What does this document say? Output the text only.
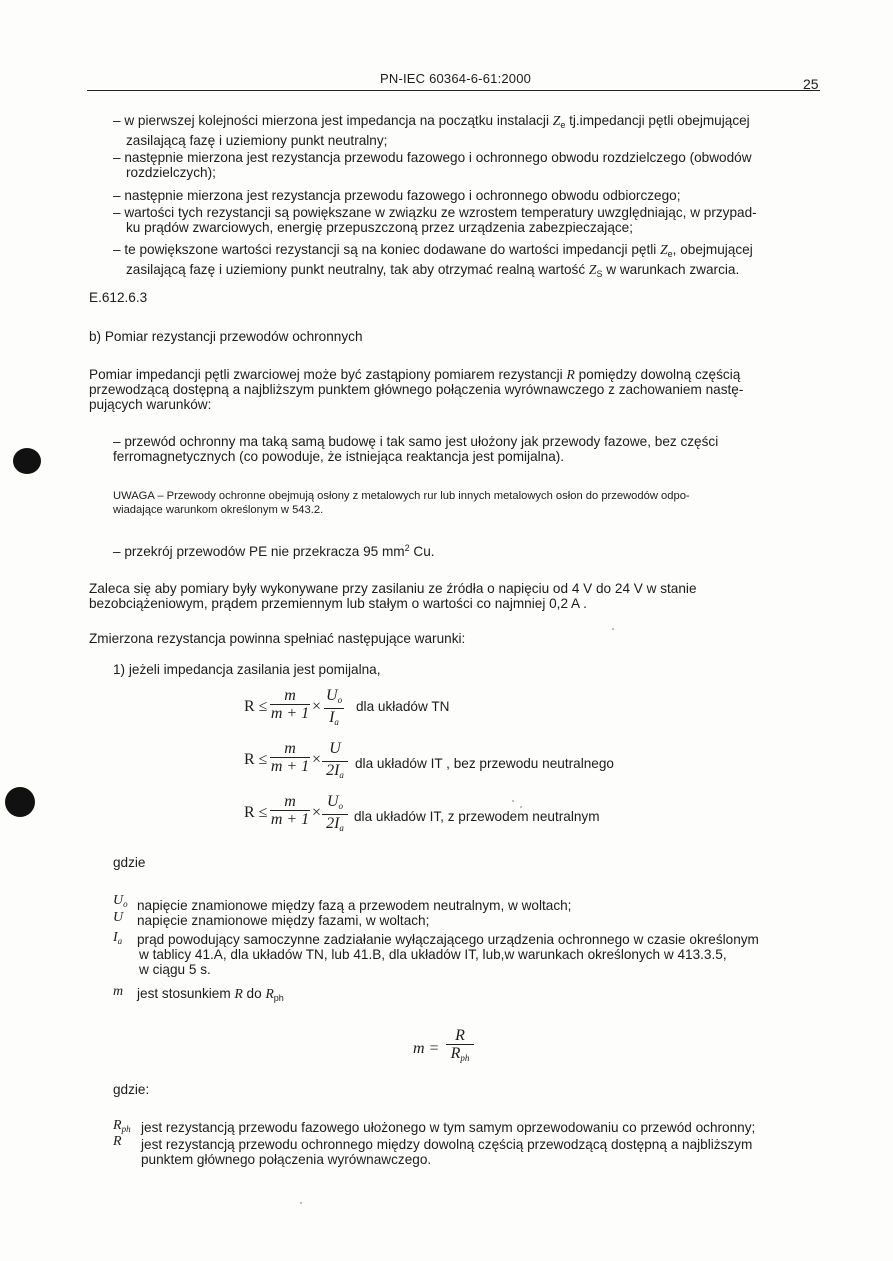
PN-IEC 60364-6-61:2000	25
– w pierwszej kolejności mierzona jest impedancja na początku instalacji $Z_e$ tj.impedancji pętli obejmującej
zasilającą fazę i uziemiony punkt neutralny;
– następnie mierzona jest rezystancja przewodu fazowego i ochronnego obwodu rozdzielczego (obwodów
rozdzielczych);
– następnie mierzona jest rezystancja przewodu fazowego i ochronnego obwodu odbiorczego;
– wartości tych rezystancji są powiększane w związku ze wzrostem temperatury uwzględniając, w przypad-
ku prądów zwarciowych, energię przepuszczoną przez urządzenia zabezpieczające;
– te powiększone wartości rezystancji są na koniec dodawane do wartości impedancji pętli $Z_e$, obejmującej
zasilającą fazę i uziemiony punkt neutralny, tak aby otrzymać realną wartość $Z_S$ w warunkach zwarcia.
E.612.6.3
b) Pomiar rezystancji przewodów ochronnych
Pomiar impedancji pętli zwarciowej może być zastąpiony pomiarem rezystancji R pomiędzy dowolną częścią
przewodzącą dostępną a najbliższym punktem głównego połączenia wyrównawczego z zachowaniem nastę-
pujących warunków:
– przewód ochronny ma taką samą budowę i tak samo jest ułożony jak przewody fazowe, bez części
ferromagnetycznych (co powoduje, że istniejąca reaktancja jest pomijalna).
UWAGA – Przewody ochronne obejmują osłony z metalowych rur lub innych metalowych osłon do przewodów odpo-
wiadające warunkom określonym w 543.2.
– przekrój przewodów PE nie przekracza 95 $mm^2$ Cu.
Zaleca się aby pomiary były wykonywane przy zasilaniu ze źródła o napięciu od 4 V do 24 V w stanie
bezobciążeniowym, prądem przemiennym lub stałym o wartości co najmniej 0,2 A .
Zmierzona rezystancja powinna spełniać następujące warunki:
1) jeżeli impedancja zasilania jest pomijalna,
$R \le \frac{m}{m + 1} \times \frac{U_o}{I_a}$ dla układów TN
$R \le \frac{m}{m + 1} \times \frac{U}{2I_a}$ dla układów IT , bez przewodu neutralnego
$R \le \frac{m}{m + 1} \times \frac{U_o}{2I_a}$ dla układów IT, z przewodem neutralnym
gdzie
$U_o$ napięcie znamionowe między fazą a przewodem neutralnym, w woltach;
U napięcie znamionowe między fazami, w woltach;
$I_a$ prąd powodujący samoczynne zadziałanie wyłączającego urządzenia ochronnego w czasie określonym
w tablicy 41.A, dla układów TN, lub 41.B, dla układów IT, lub,w warunkach określonych w 413.3.5,
w ciągu 5 s.
m jest stosunkiem R do $R_{ph}$
m =
R
$R_{ph}$
gdzie:
$R_{ph}$ jest rezystancją przewodu fazowego ułożonego w tym samym oprzewodowaniu co przewód ochronny;
R jest rezystancją przewodu ochronnego między dowolną częścią przewodzącą dostępną a najbliższym
punktem głównego połączenia wyrównawczego.
